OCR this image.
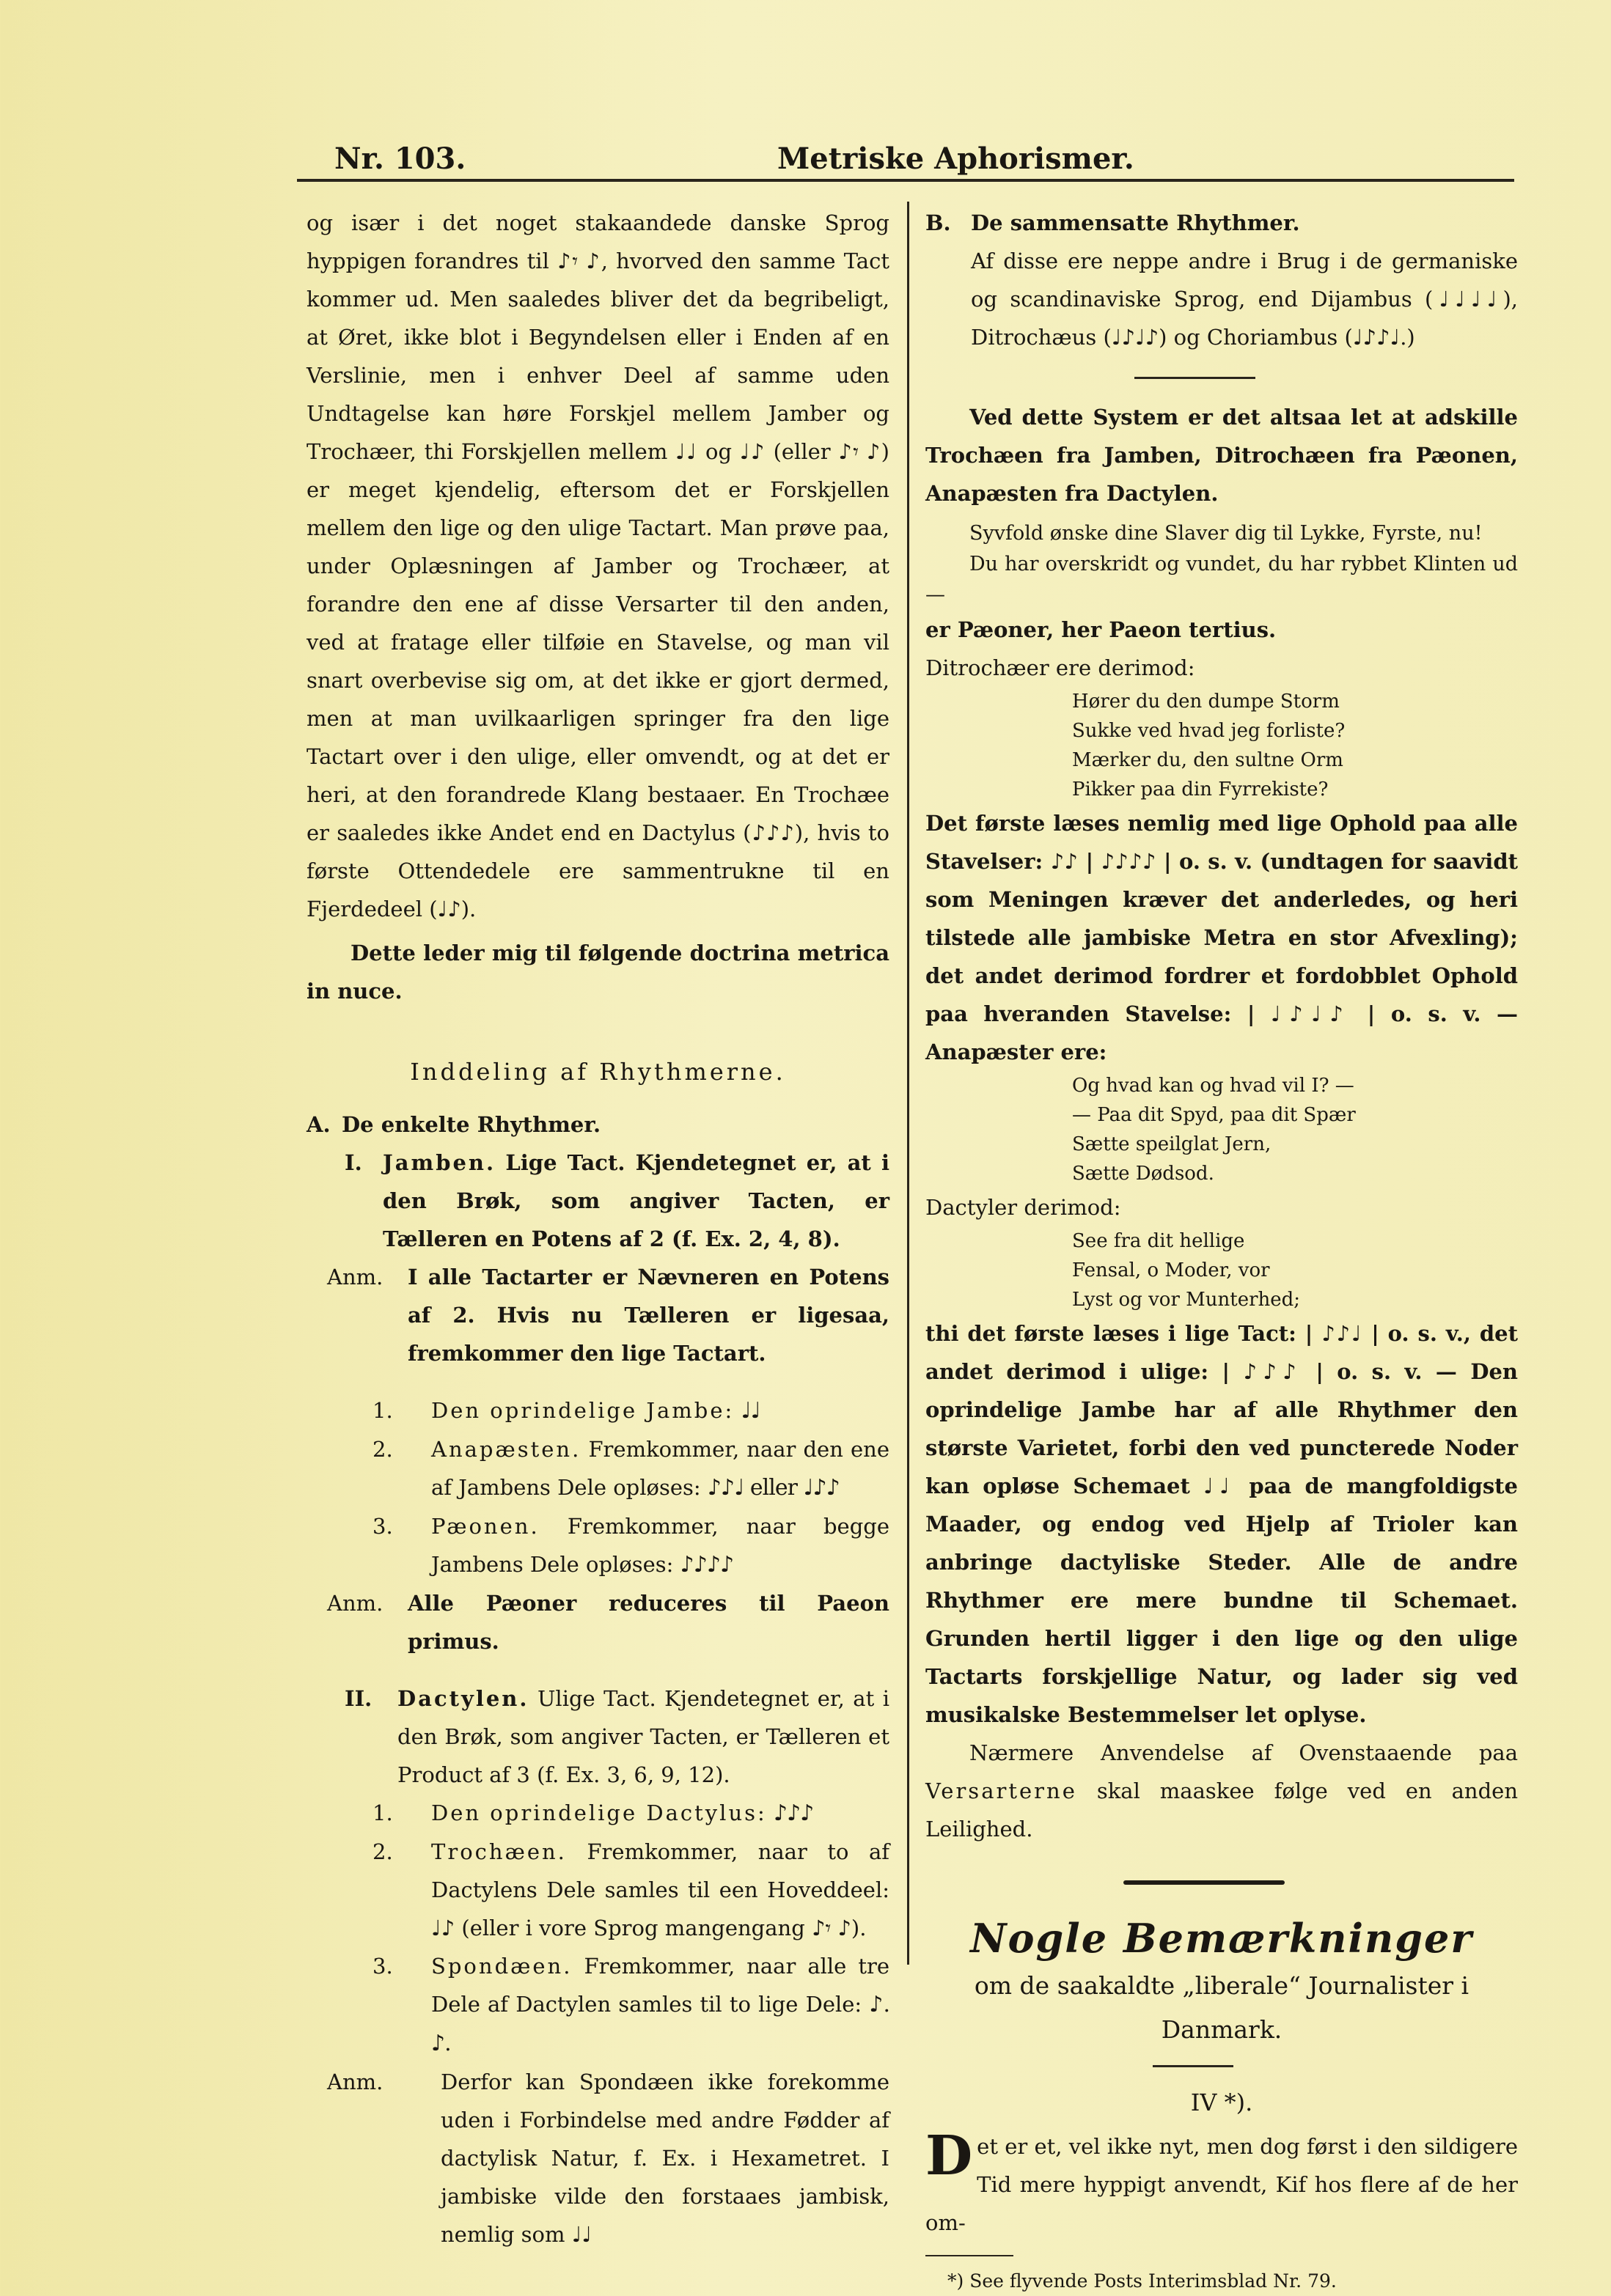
Nr. 103.	Metriske Aphorismer.

og især i det noget stakaandede danske Sprog hyppigen forandres til ♪𝄾 ♪, hvorved den samme Tact kommer ud. Men saaledes bliver det da begribeligt, at Øret, ikke blot i Begyndelsen eller i Enden af en Verslinie, men i enhver Deel af samme uden Undtagelse kan høre Forskjel mellem Jamber og Trochæer, thi Forskjellen mellem ♩♩ og ♩♪ (eller ♪𝄾 ♪) er meget kjendelig, eftersom det er Forskjellen mellem den lige og den ulige Tactart. Man prøve paa, under Oplæsningen af Jamber og Trochæer, at forandre den ene af disse Versarter til den anden, ved at fratage eller tilføie en Stavelse, og man vil snart overbevise sig om, at det ikke er gjort dermed, men at man uvilkaarligen springer fra den lige Tactart over i den ulige, eller omvendt, og at det er heri, at den forandrede Klang bestaaer. En Trochæe er saaledes ikke Andet end en Dactylus (♪♪♪), hvis to første Ottendedele ere sammentrukne til en Fjerdedeel (♩♪).

Dette leder mig til følgende doctrina metrica in nuce.

Inddeling af Rhythmerne.
A. De enkelte Rhythmer.
I. Jamben. Lige Tact. Kjendetegnet er, at i den Brøk, som angiver Tacten, er Tælleren en Potens af 2 (f. Ex. 2, 4, 8).
Anm.	I alle Tactarter er Nævneren en Potens af 2. Hvis nu Tælleren er ligesaa, fremkommer den lige Tactart.
1.	Den oprindelige Jambe: ♩♩
2.	Anapæsten. Fremkommer, naar den ene af Jambens Dele opløses: ♪♪♩ eller ♩♪♪
3.	Pæonen. Fremkommer, naar begge Jambens Dele opløses: ♪♪♪♪
Anm.	Alle Pæoner reduceres til Paeon primus.
II.	Dactylen. Ulige Tact. Kjendetegnet er, at i den Brøk, som angiver Tacten, er Tælleren et Product af 3 (f. Ex. 3, 6, 9, 12).
1.	Den oprindelige Dactylus: ♪♪♪
2.	Trochæen. Fremkommer, naar to af Dactylens Dele samles til een Hoveddeel: ♩♪ (eller i vore Sprog mangengang ♪𝄾 ♪).
3.	Spondæen. Fremkommer, naar alle tre Dele af Dactylen samles til to lige Dele: ♪. ♪.
Anm.	Derfor kan Spondæen ikke forekomme uden i Forbindelse med andre Fødder af dactylisk Natur, f. Ex. i Hexametret. I jambiske vilde den forstaaes jambisk, nemlig som ♩♩
B. De sammensatte Rhythmer.

Af disse ere neppe andre i Brug i de germaniske og scandinaviske Sprog, end Dijambus (♩♩♩♩), Ditrochæus (♩♪♩♪) og Choriambus (♩♪♪♩.)

Ved dette System er det altsaa let at adskille Trochæen fra Jamben, Ditrochæen fra Pæonen, Anapæsten fra Dactylen.

Syvfold ønske dine Slaver dig til Lykke, Fyrste, nu!

Du har overskridt og vundet, du har rybbet Klinten ud —

er Pæoner, her Paeon tertius.

Ditrochæer ere derimod:

Hører du den dumpe Storm
Sukke ved hvad jeg forliste?
Mærker du, den sultne Orm
Pikker paa din Fyrrekiste?

Det første læses nemlig med lige Ophold paa alle Stavelser: ♪♪ | ♪♪♪♪ | o. s. v. (undtagen for saavidt som Meningen kræver det anderledes, og heri tilstede alle jambiske Metra en stor Afvexling); det andet derimod fordrer et fordobblet Ophold paa hveranden Stavelse: | ♩♪♩♪ | o. s. v. — Anapæster ere:

Og hvad kan og hvad vil I? —
— Paa dit Spyd, paa dit Spær
Sætte speilglat Jern,
Sætte Dødsod.

Dactyler derimod:

See fra dit hellige
Fensal, o Moder, vor
Lyst og vor Munterhed;

thi det første læses i lige Tact: | ♪♪♩ | o. s. v., det andet derimod i ulige: | ♪♪♪ | o. s. v. — Den oprindelige Jambe har af alle Rhythmer den største Varietet, forbi den ved puncterede Noder kan opløse Schemaet ♩♩ paa de mangfoldigste Maader, og endog ved Hjelp af Trioler kan anbringe dactyliske Steder. Alle de andre Rhythmer ere mere bundne til Schemaet. Grunden hertil ligger i den lige og den ulige Tactarts forskjellige Natur, og lader sig ved musikalske Bestemmelser let oplyse.

Nærmere Anvendelse af Ovenstaaende paa Versarterne skal maaskee følge ved en anden Leilighed.

Nogle Bemærkninger
om de saakaldte „liberale“ Journalister i Danmark.
IV *).
D et er et, vel ikke nyt, men dog først i den sildigere Tid mere hyppigt anvendt, Kif hos flere af de her om-

*) See flyvende Posts Interimsblad Nr. 79.
